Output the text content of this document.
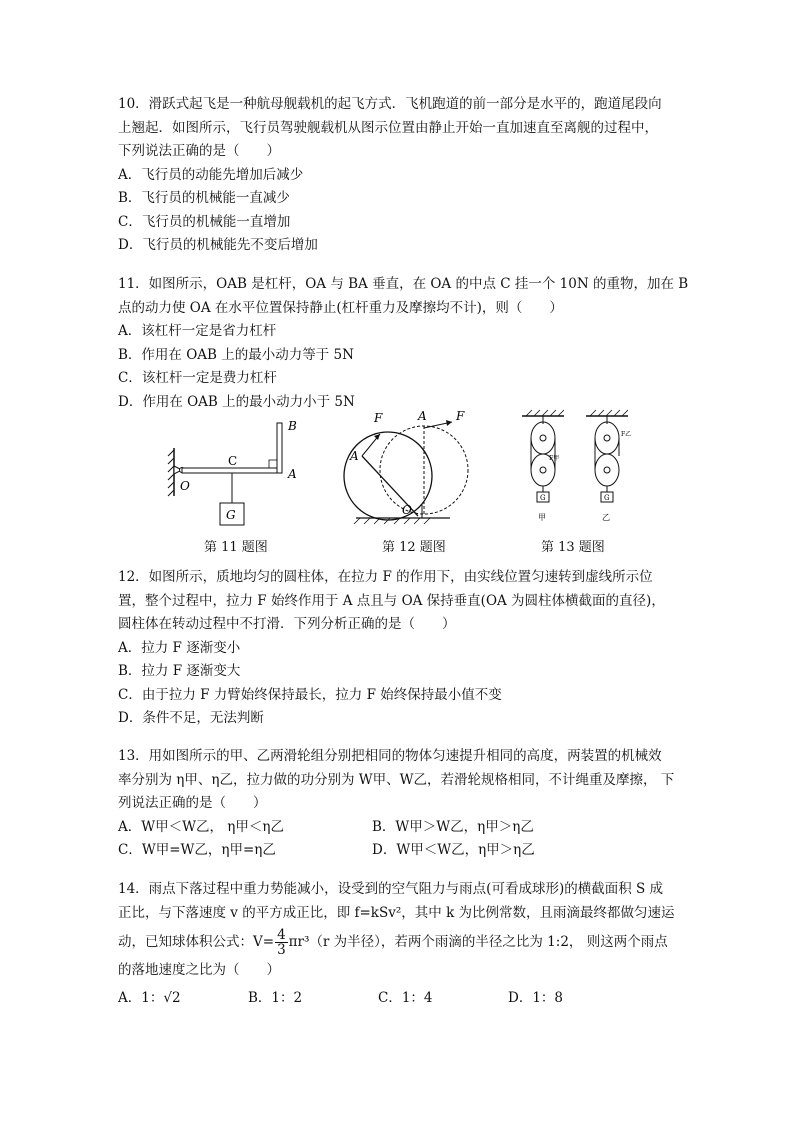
10．滑跃式起飞是一种航母舰载机的起飞方式．飞机跑道的前一部分是水平的，跑道尾段向
上翘起．如图所示，飞行员驾驶舰载机从图示位置由静止开始一直加速直至离舰的过程中，
下列说法正确的是（　　）
A．飞行员的动能先增加后减少
B．飞行员的机械能一直减少
C．飞行员的机械能一直增加
D．飞行员的机械能先不变后增加
11．如图所示，OAB 是杠杆，OA 与 BA 垂直，在 OA 的中点 C 挂一个 10N 的重物，加在 B
点的动力使 OA 在水平位置保持静止(杠杆重力及摩擦均不计)，则（　　）
A．该杠杆一定是省力杠杆
B．作用在 OAB 上的最小动力等于 5N
C．该杠杆一定是费力杠杆
D．作用在 OAB 上的最小动力小于 5N
B
C
A
O
G
F
A
A F
O
G
F甲
G
F乙
甲	乙
第 11 题图	第 12 题图	第 13 题图
12．如图所示，质地均匀的圆柱体，在拉力 F 的作用下，由实线位置匀速转到虚线所示位
置，整个过程中，拉力 F 始终作用于 A 点且与 OA 保持垂直(OA 为圆柱体横截面的直径)，
圆柱体在转动过程中不打滑．下列分析正确的是（　　）
A．拉力 F 逐渐变小
B．拉力 F 逐渐变大
C．由于拉力 F 力臂始终保持最长，拉力 F 始终保持最小值不变
D．条件不足，无法判断
13．用如图所示的甲、乙两滑轮组分别把相同的物体匀速提升相同的高度，两装置的机械效
率分别为 η甲、η乙，拉力做的功分别为 W甲、W乙，若滑轮规格相同，不计绳重及摩擦， 下
列说法正确的是（　　）
A．W甲＜W乙， η甲＜η乙	B．W甲＞W乙，η甲＞η乙
C．W甲=W乙，η甲=η乙	D．W甲＜W乙，η甲＞η乙
14．雨点下落过程中重力势能减小，设受到的空气阻力与雨点(可看成球形)的横截面积 S 成
正比，与下落速度 v 的平方成正比，即 f=kSv²，其中 k 为比例常数，且雨滴最终都做匀速运
动，已知球体积公式：$V= \frac{4}{3} \pi r^3(r$ 为半径），若两个雨滴的半径之比为 1:2， 则这两个雨点
的落地速度之比为（　　）
A．1：√2	B．1：2	C．1：4	D．1：8
